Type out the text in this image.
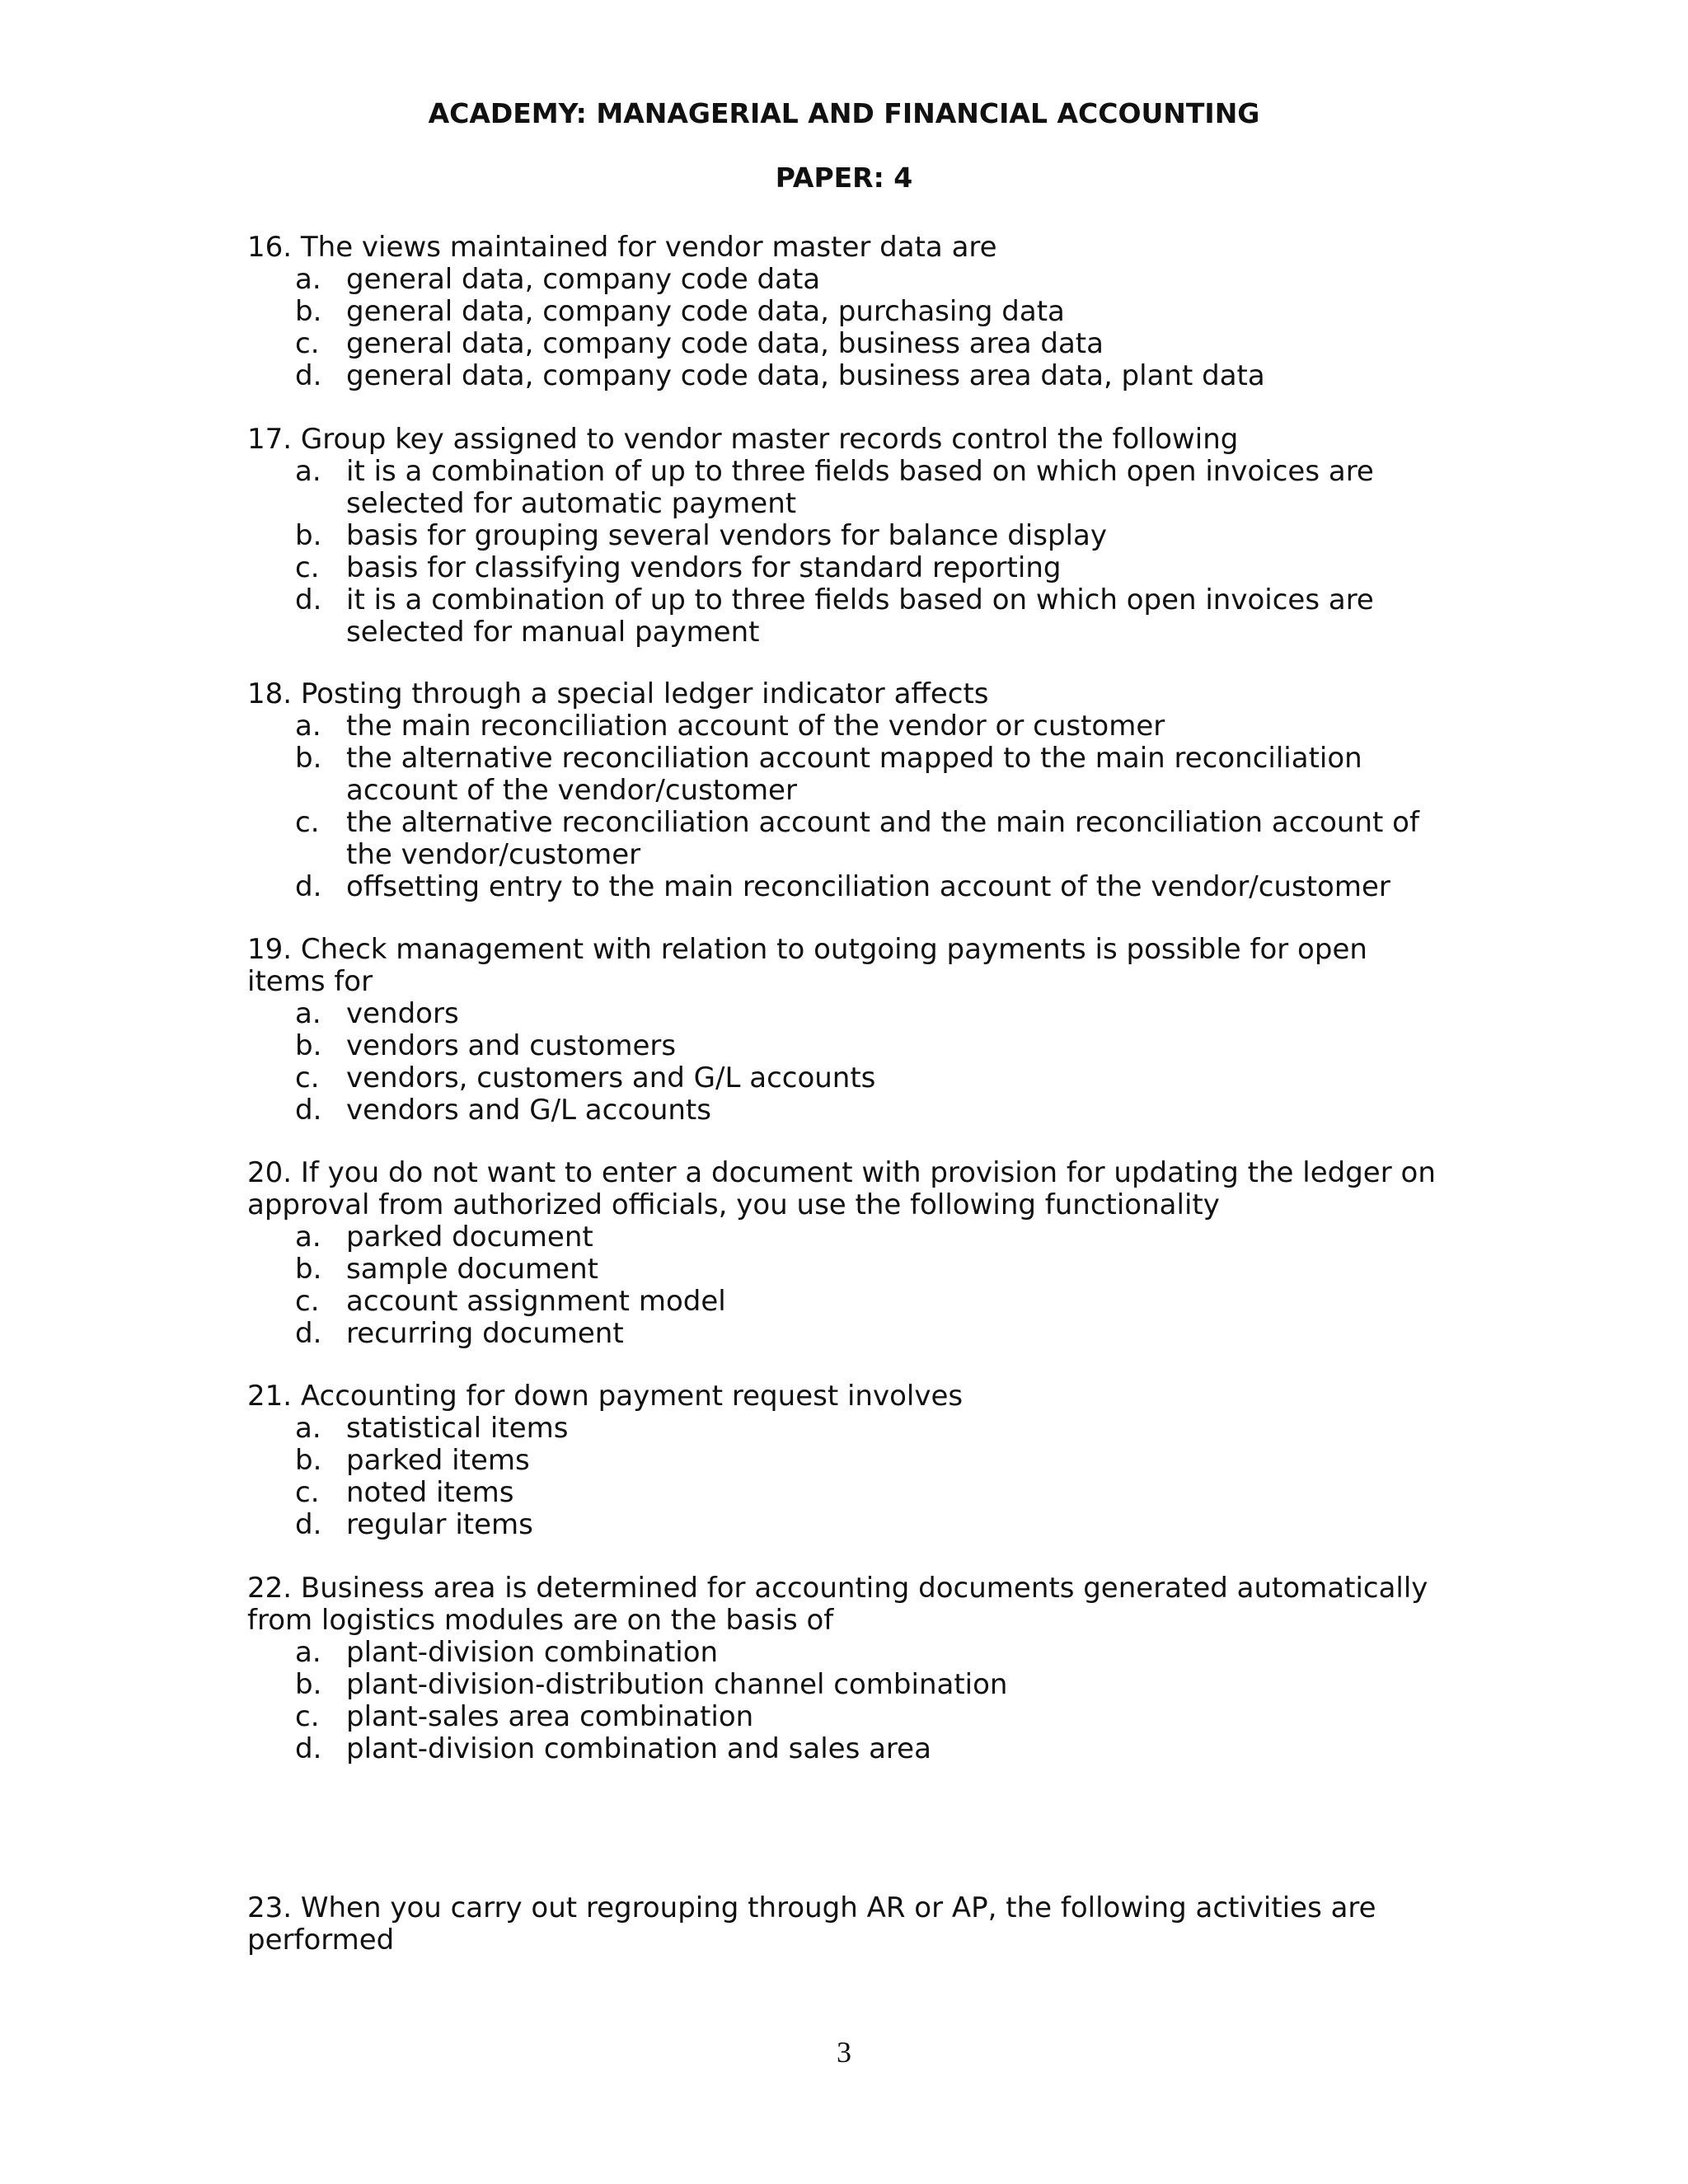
ACADEMY: MANAGERIAL AND FINANCIAL ACCOUNTING
PAPER: 4
16. The views maintained for vendor master data are
a. general data, company code data
b. general data, company code data, purchasing data
c. general data, company code data, business area data
d. general data, company code data, business area data, plant data
17. Group key assigned to vendor master records control the following
a. it is a combination of up to three fields based on which open invoices are selected for automatic payment
b. basis for grouping several vendors for balance display
c. basis for classifying vendors for standard reporting
d. it is a combination of up to three fields based on which open invoices are selected for manual payment
18. Posting through a special ledger indicator affects
a. the main reconciliation account of the vendor or customer
b. the alternative reconciliation account mapped to the main reconciliation account of the vendor/customer
c. the alternative reconciliation account and the main reconciliation account of the vendor/customer
d. offsetting entry to the main reconciliation account of the vendor/customer
19. Check management with relation to outgoing payments is possible for open items for
a. vendors
b. vendors and customers
c. vendors, customers and G/L accounts
d. vendors and G/L accounts
20. If you do not want to enter a document with provision for updating the ledger on approval from authorized officials, you use the following functionality
a. parked document
b. sample document
c. account assignment model
d. recurring document
21. Accounting for down payment request involves
a. statistical items
b. parked items
c. noted items
d. regular items
22. Business area is determined for accounting documents generated automatically from logistics modules are on the basis of
a. plant-division combination
b. plant-division-distribution channel combination
c. plant-sales area combination
d. plant-division combination and sales area
23. When you carry out regrouping through AR or AP, the following activities are performed
3
